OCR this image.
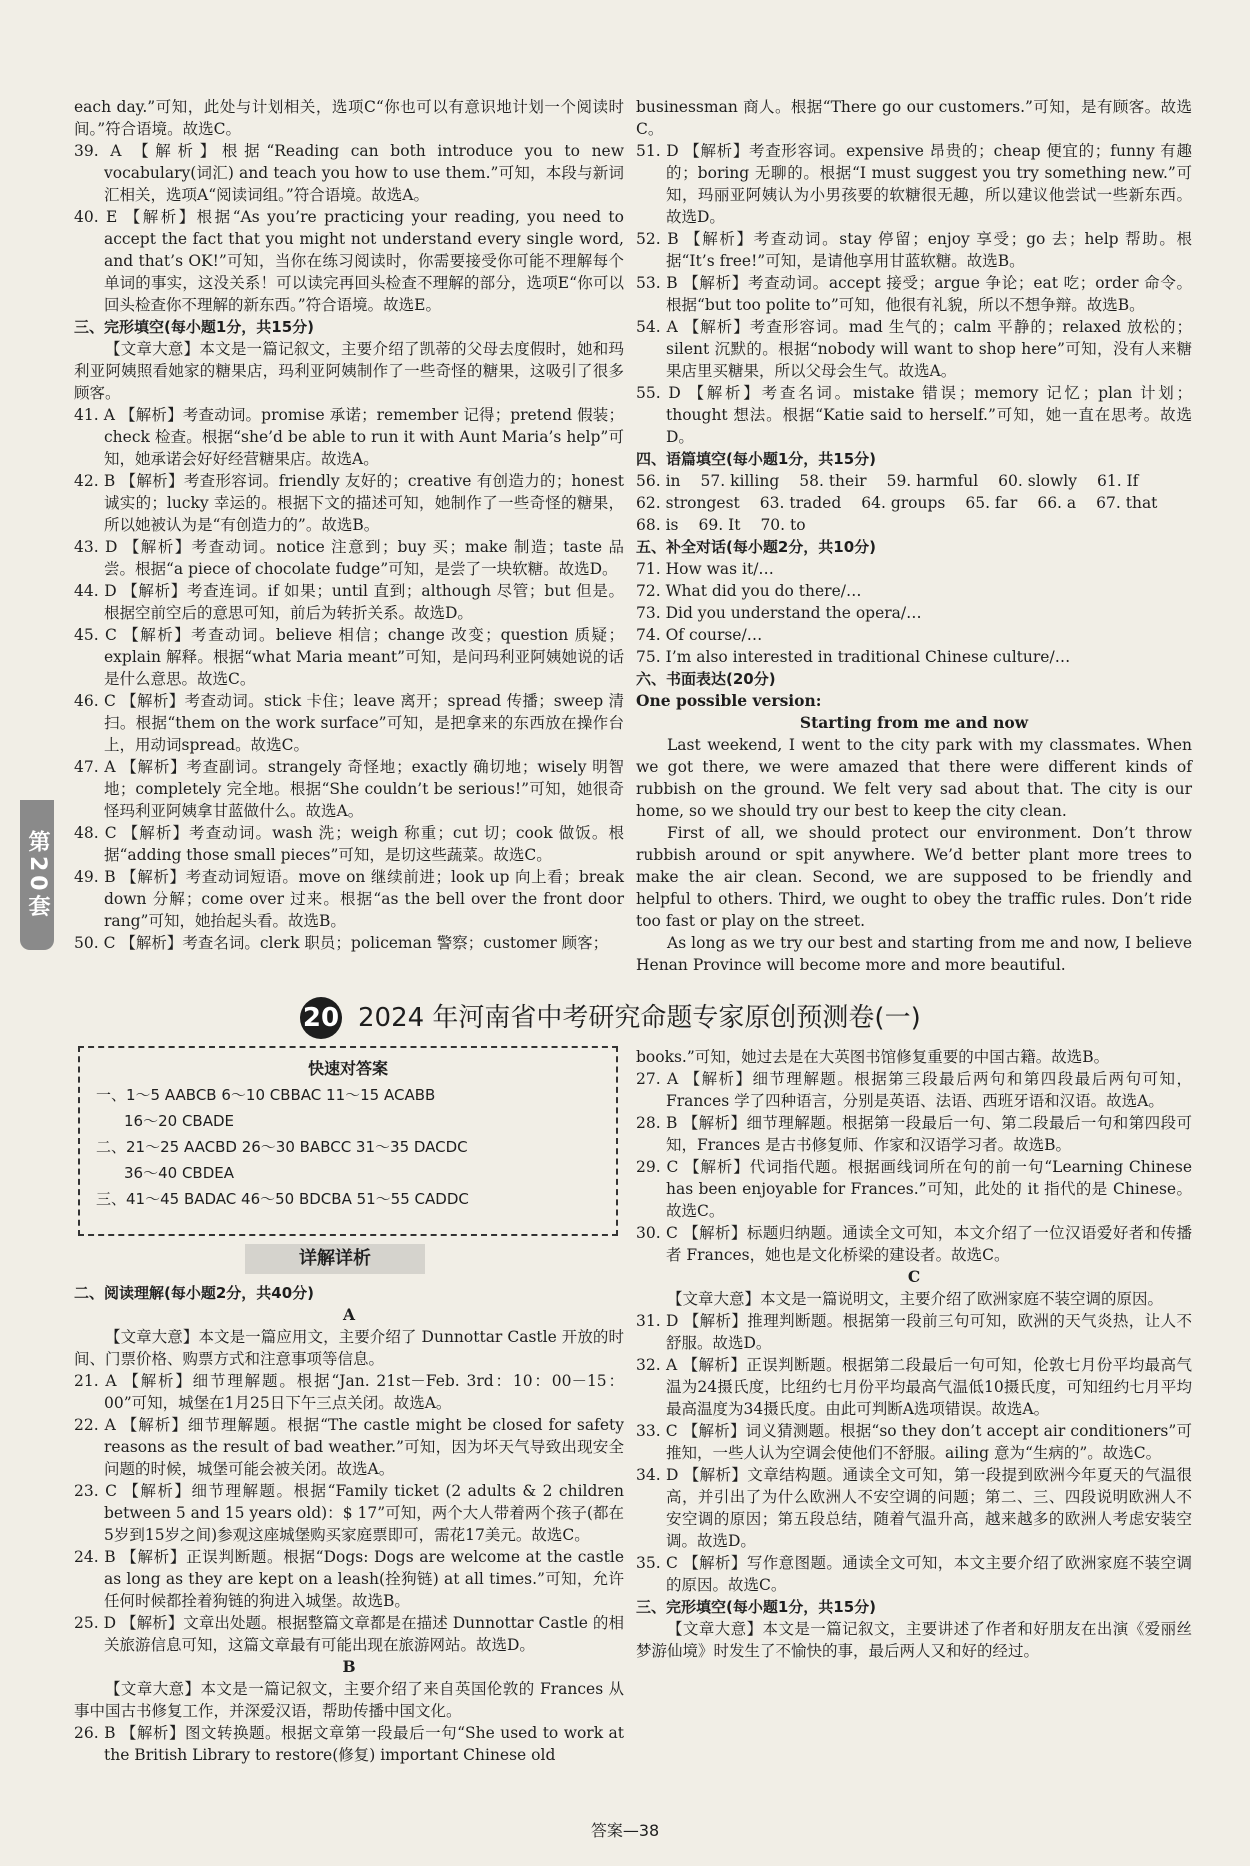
第20套

each day.”可知，此处与计划相关，选项C“你也可以有意识地计划一个阅读时间。”符合语境。故选C。

39. A 【解析】根据“Reading can both introduce you to new vocabulary(词汇) and teach you how to use them.”可知，本段与新词汇相关，选项A“阅读词组。”符合语境。故选A。

40. E 【解析】根据“As you’re practicing your reading, you need to accept the fact that you might not understand every single word, and that’s OK!”可知，当你在练习阅读时，你需要接受你可能不理解每个单词的事实，这没关系！可以读完再回头检查不理解的部分，选项E“你可以回头检查你不理解的新东西。”符合语境。故选E。

三、完形填空(每小题1分，共15分)

【文章大意】本文是一篇记叙文，主要介绍了凯蒂的父母去度假时，她和玛利亚阿姨照看她家的糖果店，玛利亚阿姨制作了一些奇怪的糖果，这吸引了很多顾客。

41. A 【解析】考查动词。promise 承诺；remember 记得；pretend 假装；check 检查。根据“she’d be able to run it with Aunt Maria’s help”可知，她承诺会好好经营糖果店。故选A。

42. B 【解析】考查形容词。friendly 友好的；creative 有创造力的；honest 诚实的；lucky 幸运的。根据下文的描述可知，她制作了一些奇怪的糖果，所以她被认为是“有创造力的”。故选B。

43. D 【解析】考查动词。notice 注意到；buy 买；make 制造；taste 品尝。根据“a piece of chocolate fudge”可知，是尝了一块软糖。故选D。

44. D 【解析】考查连词。if 如果；until 直到；although 尽管；but 但是。根据空前空后的意思可知，前后为转折关系。故选D。

45. C 【解析】考查动词。believe 相信；change 改变；question 质疑；explain 解释。根据“what Maria meant”可知，是问玛利亚阿姨她说的话是什么意思。故选C。

46. C 【解析】考查动词。stick 卡住；leave 离开；spread 传播；sweep 清扫。根据“them on the work surface”可知，是把拿来的东西放在操作台上，用动词spread。故选C。

47. A 【解析】考查副词。strangely 奇怪地；exactly 确切地；wisely 明智地；completely 完全地。根据“She couldn’t be serious!”可知，她很奇怪玛利亚阿姨拿甘蓝做什么。故选A。

48. C 【解析】考查动词。wash 洗；weigh 称重；cut 切；cook 做饭。根据“adding those small pieces”可知，是切这些蔬菜。故选C。

49. B 【解析】考查动词短语。move on 继续前进；look up 向上看；break down 分解；come over 过来。根据“as the bell over the front door rang”可知，她抬起头看。故选B。

50. C 【解析】考查名词。clerk 职员；policeman 警察；customer 顾客；

businessman 商人。根据“There go our customers.”可知，是有顾客。故选C。

51. D 【解析】考查形容词。expensive 昂贵的；cheap 便宜的；funny 有趣的；boring 无聊的。根据“I must suggest you try something new.”可知，玛丽亚阿姨认为小男孩要的软糖很无趣，所以建议他尝试一些新东西。故选D。

52. B 【解析】考查动词。stay 停留；enjoy 享受；go 去；help 帮助。根据“It’s free!”可知，是请他享用甘蓝软糖。故选B。

53. B 【解析】考查动词。accept 接受；argue 争论；eat 吃；order 命令。根据“but too polite to”可知，他很有礼貌，所以不想争辩。故选B。

54. A 【解析】考查形容词。mad 生气的；calm 平静的；relaxed 放松的；silent 沉默的。根据“nobody will want to shop here”可知，没有人来糖果店里买糖果，所以父母会生气。故选A。

55. D 【解析】考查名词。mistake 错误；memory 记忆；plan 计划；thought 想法。根据“Katie said to herself.”可知，她一直在思考。故选D。

四、语篇填空(每小题1分，共15分)

56. in 57. killing 58. their 59. harmful 60. slowly 61. If
62. strongest 63. traded 64. groups 65. far 66. a 67. that
68. is 69. It 70. to

五、补全对话(每小题2分，共10分)

71. How was it/…

72. What did you do there/…

73. Did you understand the opera/…

74. Of course/…

75. I’m also interested in traditional Chinese culture/…

六、书面表达(20分)

One possible version:

Starting from me and now

Last weekend, I went to the city park with my classmates. When we got there, we were amazed that there were different kinds of rubbish on the ground. We felt very sad about that. The city is our home, so we should try our best to keep the city clean.

First of all, we should protect our environment. Don’t throw rubbish around or spit anywhere. We’d better plant more trees to make the air clean. Second, we are supposed to be friendly and helpful to others. Third, we ought to obey the traffic rules. Don’t ride too fast or play on the street.

As long as we try our best and starting from me and now, I believe Henan Province will become more and more beautiful.

20 2024 年河南省中考研究命题专家原创预测卷(一)
快速对答案
一、1～5 AABCB 6～10 CBBAC 11～15 ACABB
16～20 CBADE
二、21～25 AACBD 26～30 BABCC 31～35 DACDC
36～40 CBDEA
三、41～45 BADAC 46～50 BDCBA 51～55 CADDC
详解详析

二、阅读理解(每小题2分，共40分)

A

【文章大意】本文是一篇应用文，主要介绍了 Dunnottar Castle 开放的时间、门票价格、购票方式和注意事项等信息。

21. A 【解析】细节理解题。根据“Jan. 21st－Feb. 3rd：10：00－15：00”可知，城堡在1月25日下午三点关闭。故选A。

22. A 【解析】细节理解题。根据“The castle might be closed for safety reasons as the result of bad weather.”可知，因为坏天气导致出现安全问题的时候，城堡可能会被关闭。故选A。

23. C 【解析】细节理解题。根据“Family ticket (2 adults & 2 children between 5 and 15 years old)：$ 17”可知，两个大人带着两个孩子(都在5岁到15岁之间)参观这座城堡购买家庭票即可，需花17美元。故选C。

24. B 【解析】正误判断题。根据“Dogs: Dogs are welcome at the castle as long as they are kept on a leash(拴狗链) at all times.”可知，允许任何时候都拴着狗链的狗进入城堡。故选B。

25. D 【解析】文章出处题。根据整篇文章都是在描述 Dunnottar Castle 的相关旅游信息可知，这篇文章最有可能出现在旅游网站。故选D。

B

【文章大意】本文是一篇记叙文，主要介绍了来自英国伦敦的 Frances 从事中国古书修复工作，并深爱汉语，帮助传播中国文化。

26. B 【解析】图文转换题。根据文章第一段最后一句“She used to work at the British Library to restore(修复) important Chinese old

books.”可知，她过去是在大英图书馆修复重要的中国古籍。故选B。

27. A 【解析】细节理解题。根据第三段最后两句和第四段最后两句可知，Frances 学了四种语言，分别是英语、法语、西班牙语和汉语。故选A。

28. B 【解析】细节理解题。根据第一段最后一句、第二段最后一句和第四段可知，Frances 是古书修复师、作家和汉语学习者。故选B。

29. C 【解析】代词指代题。根据画线词所在句的前一句“Learning Chinese has been enjoyable for Frances.”可知，此处的 it 指代的是 Chinese。故选C。

30. C 【解析】标题归纳题。通读全文可知，本文介绍了一位汉语爱好者和传播者 Frances，她也是文化桥梁的建设者。故选C。

C

【文章大意】本文是一篇说明文，主要介绍了欧洲家庭不装空调的原因。

31. D 【解析】推理判断题。根据第一段前三句可知，欧洲的天气炎热，让人不舒服。故选D。

32. A 【解析】正误判断题。根据第二段最后一句可知，伦敦七月份平均最高气温为24摄氏度，比纽约七月份平均最高气温低10摄氏度，可知纽约七月平均最高温度为34摄氏度。由此可判断A选项错误。故选A。

33. C 【解析】词义猜测题。根据“so they don’t accept air conditioners”可推知，一些人认为空调会使他们不舒服。ailing 意为“生病的”。故选C。

34. D 【解析】文章结构题。通读全文可知，第一段提到欧洲今年夏天的气温很高，并引出了为什么欧洲人不安空调的问题；第二、三、四段说明欧洲人不安空调的原因；第五段总结，随着气温升高，越来越多的欧洲人考虑安装空调。故选D。

35. C 【解析】写作意图题。通读全文可知，本文主要介绍了欧洲家庭不装空调的原因。故选C。

三、完形填空(每小题1分，共15分)

【文章大意】本文是一篇记叙文，主要讲述了作者和好朋友在出演《爱丽丝梦游仙境》时发生了不愉快的事，最后两人又和好的经过。

答案—38
